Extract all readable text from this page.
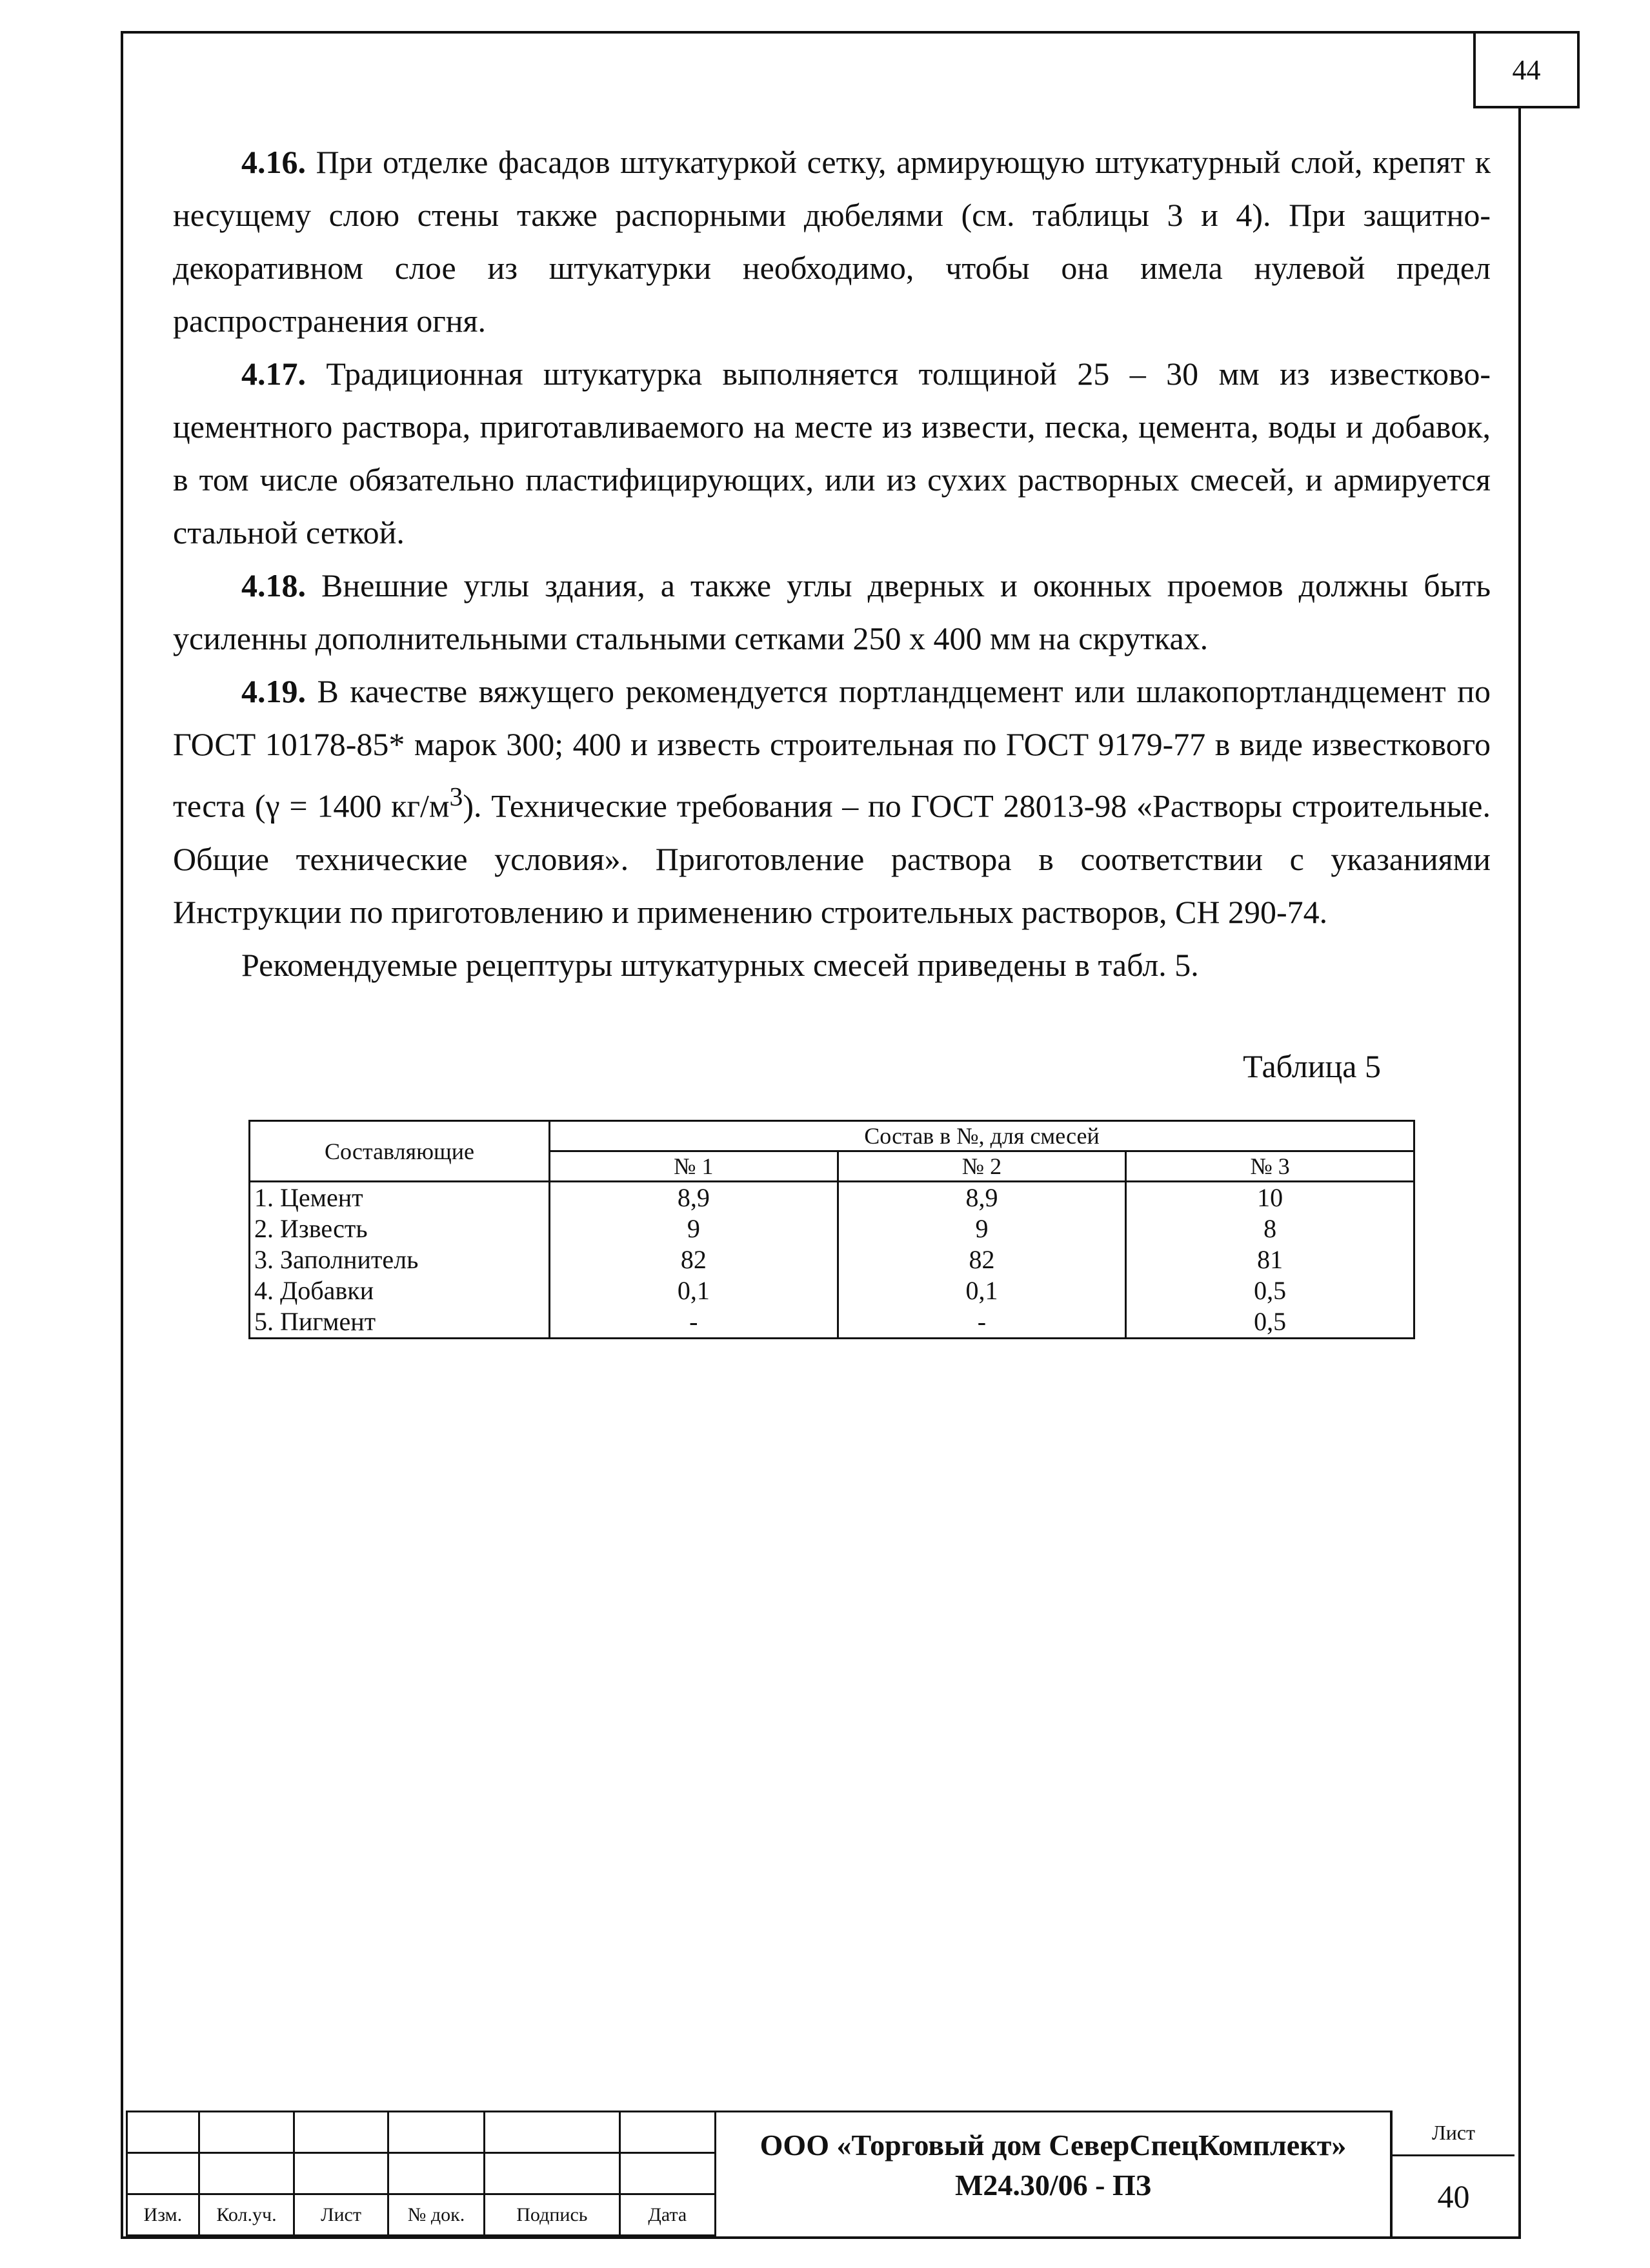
44

4.16. При отделке фасадов штукатуркой сетку, армирующую штукатурный слой, крепят к несущему слою стены также распорными дюбелями (см. таблицы 3 и 4). При защитно-декоративном слое из штукатурки необходимо, чтобы она имела нулевой предел распространения огня.

4.17. Традиционная штукатурка выполняется толщиной 25 – 30 мм из известково-цементного раствора, приготавливаемого на месте из извести, песка, цемента, воды и добавок, в том числе обязательно пластифицирующих, или из сухих растворных смесей, и армируется стальной сеткой.

4.18. Внешние углы здания, а также углы дверных и оконных проемов должны быть усиленны дополнительными стальными сетками 250 х 400 мм на скрутках.

4.19. В качестве вяжущего рекомендуется портландцемент или шлакопортландцемент по ГОСТ 10178-85* марок 300; 400 и известь строительная по ГОСТ 9179-77 в виде известкового теста (γ = 1400 $кг/м^3$). Технические требования – по ГОСТ 28013-98 «Растворы строительные. Общие технические условия». Приготовление раствора в соответствии с указаниями Инструкции по приготовлению и применению строительных растворов, СН 290-74.

Рекомендуемые рецептуры штукатурных смесей приведены в табл. 5.

Таблица 5
Составляющие	Состав в №, для смесей		
	№ 1	№ 2	№ 3
1. Цемент	8,9	8,9	10
2. Известь	9	9	8
3. Заполнитель	82	82	81
4. Добавки	0,1	0,1	0,5
5. Пигмент	-	-	0,5

Изм.	Кол.уч.	Лист	№ док.	Подпись	Дата
ООО «Торговый дом СеверСпецКомплект»
М24.30/06 - ПЗ
Лист
40
